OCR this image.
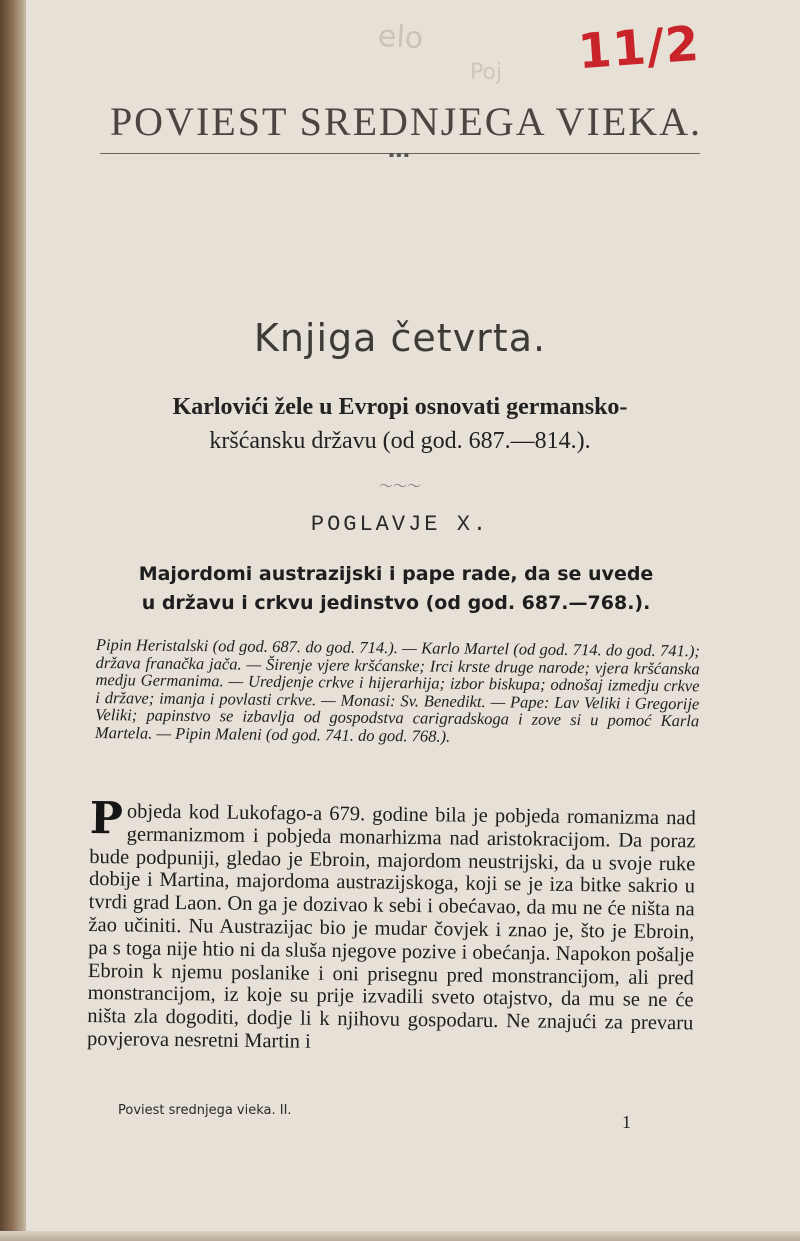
elo
Poj 11/2
POVIEST SREDNJEGA VIEKA.
▪▪▪
Knjiga četvrta.
Karlovići žele u Evropi osnovati germansko-
kršćansku državu (od god. 687.—814.).
〜〜〜
POGLAVJE X.
Majordomi austrazijski i pape rade, da se uvede
u državu i crkvu jedinstvo (od god. 687.—768.).

Pipin Heristalski (od god. 687. do god. 714.). — Karlo Martel (od god. 714. do god. 741.); država franačka jača. — Širenje vjere kršćanske; Irci krste druge narode; vjera kršćanska medju Germanima. — Uredjenje crkve i hijerarhija; izbor biskupa; odnošaj izmedju crkve i države; imanja i povlasti crkve. — Monasi: Sv. Benedikt. — Pape: Lav Veliki i Gregorije Veliki; papinstvo se izbavlja od gospodstva carigradskoga i zove si u pomoć Karla Martela. — Pipin Maleni (od god. 741. do god. 768.).

P objeda kod Lukofago-a 679. godine bila je pobjeda romanizma nad germanizmom i pobjeda monarhizma nad aristokracijom. Da poraz bude podpuniji, gledao je Ebroin, majordom neustrijski, da u svoje ruke dobije i Martina, majordoma austrazijskoga, koji se je iza bitke sakrio u tvrdi grad Laon. On ga je dozivao k sebi i obećavao, da mu ne će ništa na žao učiniti. Nu Austrazijac bio je mudar čovjek i znao je, što je Ebroin, pa s toga nije htio ni da sluša njegove pozive i obećanja. Napokon pošalje Ebroin k njemu poslanike i oni prisegnu pred monstrancijom, ali pred monstrancijom, iz koje su prije izvadili sveto otajstvo, da mu se ne će ništa zla dogoditi, dodje li k njihovu gospodaru. Ne znajući za prevaru povjerova nesretni Martin i

Poviest srednjega vieka. II.
1
